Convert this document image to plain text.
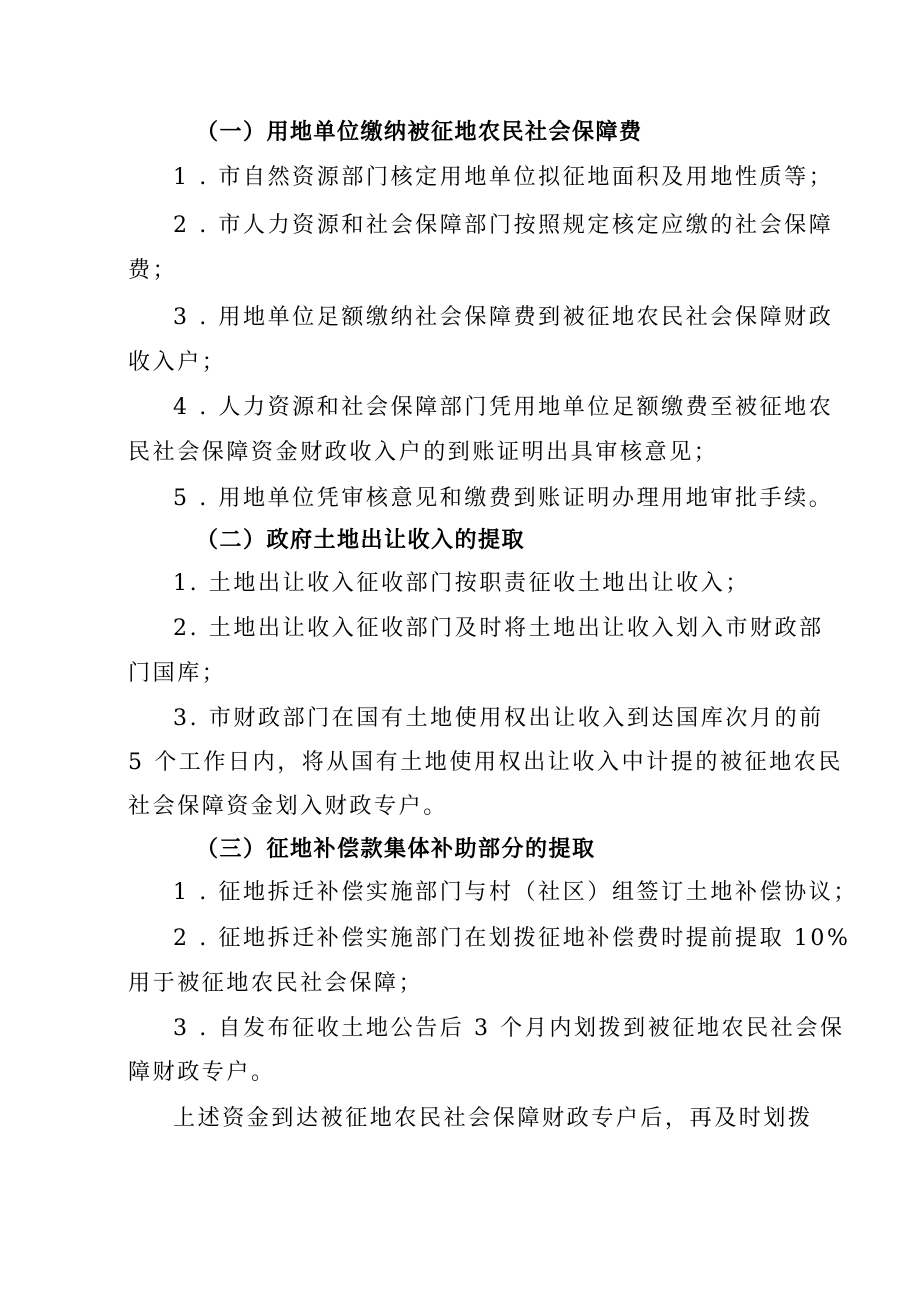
（一）用地单位缴纳被征地农民社会保障费
1 . 市自然资源部门核定用地单位拟征地面积及用地性质等；
2 . 市人力资源和社会保障部门按照规定核定应缴的社会保障
费；
3 . 用地单位足额缴纳社会保障费到被征地农民社会保障财政
收入户；
4 . 人力资源和社会保障部门凭用地单位足额缴费至被征地农
民社会保障资金财政收入户的到账证明出具审核意见；
5 . 用地单位凭审核意见和缴费到账证明办理用地审批手续。
（二）政府土地出让收入的提取
1. 土地出让收入征收部门按职责征收土地出让收入；
2. 土地出让收入征收部门及时将土地出让收入划入市财政部
门国库；
3. 市财政部门在国有土地使用权出让收入到达国库次月的前
5 个工作日内，将从国有土地使用权出让收入中计提的被征地农民
社会保障资金划入财政专户。
（三）征地补偿款集体补助部分的提取
1 . 征地拆迁补偿实施部门与村（社区）组签订土地补偿协议；
2 . 征地拆迁补偿实施部门在划拨征地补偿费时提前提取 10%
用于被征地农民社会保障；
3 . 自发布征收土地公告后 3 个月内划拨到被征地农民社会保
障财政专户。
上述资金到达被征地农民社会保障财政专户后，再及时划拨
